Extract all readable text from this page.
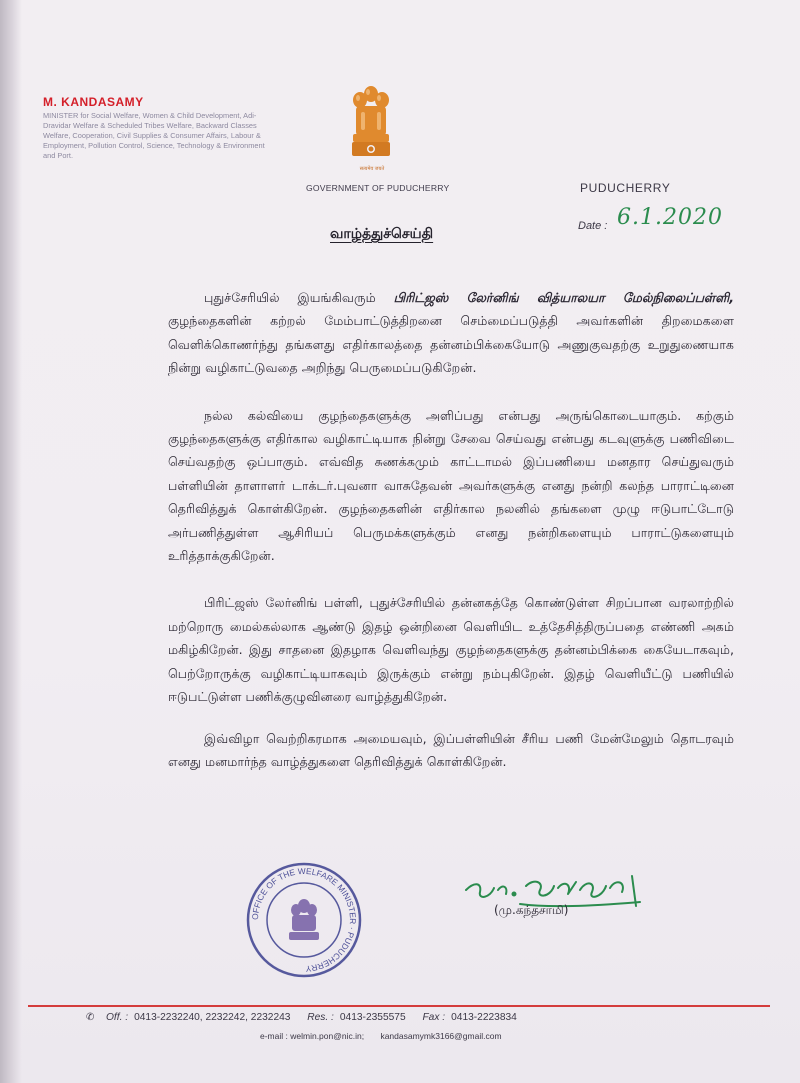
M. KANDASAMY
MINISTER for Social Welfare, Women & Child Development, Adi-Dravidar Welfare & Scheduled Tribes Welfare, Backward Classes Welfare, Cooperation, Civil Supplies & Consumer Affairs, Labour & Employment, Pollution Control, Science, Technology & Environment and Port.
सत्यमेव जयते
GOVERNMENT OF PUDUCHERRY	PUDUCHERRY
Date : 6.1.2020
வாழ்த்துச்செய்தி

புதுச்சேரியில் இயங்கிவரும் பிரிட்ஜஸ் லேர்னிங் வித்யாலயா மேல்நிலைப்பள்ளி, குழந்தைகளின் கற்றல் மேம்பாட்டுத்திறனை செம்மைப்படுத்தி அவர்களின் திறமைகளை வெளிக்கொணர்ந்து தங்களது எதிர்காலத்தை தன்னம்பிக்கையோடு அணுகுவதற்கு உறுதுணையாக நின்று வழிகாட்டுவதை அறிந்து பெருமைப்படுகிறேன்.

நல்ல கல்வியை குழந்தைகளுக்கு அளிப்பது என்பது அருங்கொடையாகும். கற்கும் குழந்தைகளுக்கு எதிர்கால வழிகாட்டியாக நின்று சேவை செய்வது என்பது கடவுளுக்கு பணிவிடை செய்வதற்கு ஒப்பாகும். எவ்வித சுணக்கமும் காட்டாமல் இப்பணியை மனதார செய்துவரும் பள்ளியின் தாளாளர் டாக்டர்.புவனா வாசுதேவன் அவர்களுக்கு எனது நன்றி கலந்த பாராட்டினை தெரிவித்துக் கொள்கிறேன். குழந்தைகளின் எதிர்கால நலனில் தங்களை முழு ஈடுபாட்டோடு அர்பணித்துள்ள ஆசிரியப் பெருமக்களுக்கும் எனது நன்றிகளையும் பாராட்டுகளையும் உரித்தாக்குகிறேன்.

பிரிட்ஜஸ் லேர்னிங் பள்ளி, புதுச்சேரியில் தன்னகத்தே கொண்டுள்ள சிறப்பான வரலாற்றில் மற்றொரு மைல்கல்லாக ஆண்டு இதழ் ஒன்றினை வெளியிட உத்தேசித்திருப்பதை எண்ணி அகம் மகிழ்கிறேன். இது சாதனை இதழாக வெளிவந்து குழந்தைகளுக்கு தன்னம்பிக்கை கையேடாகவும், பெற்றோருக்கு வழிகாட்டியாகவும் இருக்கும் என்று நம்புகிறேன். இதழ் வெளியீட்டு பணியில் ஈடுபட்டுள்ள பணிக்குழுவினரை வாழ்த்துகிறேன்.

இவ்விழா வெற்றிகரமாக அமையவும், இப்பள்ளியின் சீரிய பணி மேன்மேலும் தொடரவும் எனது மனமார்ந்த வாழ்த்துகளை தெரிவித்துக் கொள்கிறேன்.

(மு.கந்தசாமி)
OFFICE OF THE WELFARE MINISTER · PUDUCHERRY
✆	Off. : 0413-2232240, 2232242, 2232243 Res. : 0413-2355575 Fax : 0413-2223834
e-mail : welmin.pon@nic.in; kandasamymk3166@gmail.com
